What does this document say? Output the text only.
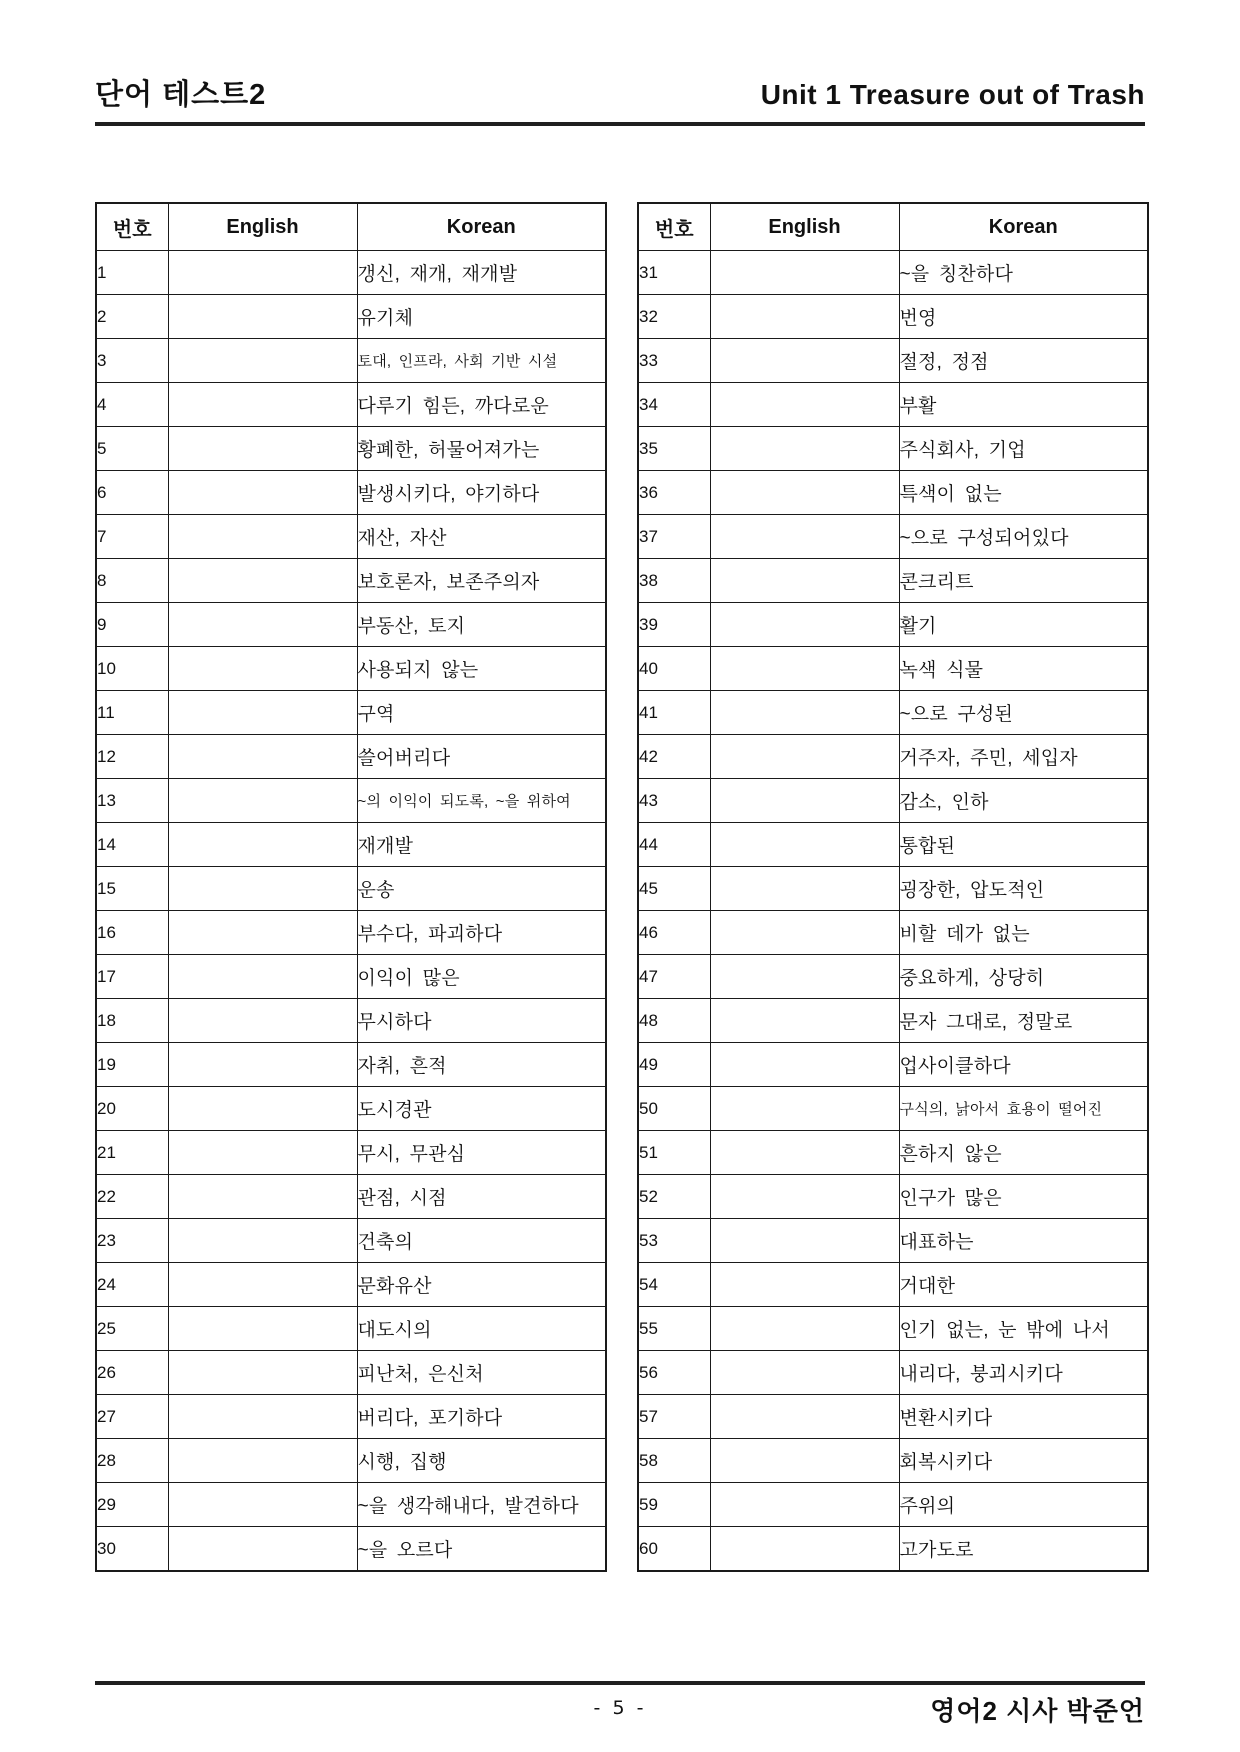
단어 테스트2	Unit 1 Treasure out of Trash
번호	English	Korean
1		갱신, 재개, 재개발
2		유기체
3		토대, 인프라, 사회 기반 시설
4		다루기 힘든, 까다로운
5		황폐한, 허물어져가는
6		발생시키다, 야기하다
7		재산, 자산
8		보호론자, 보존주의자
9		부동산, 토지
10		사용되지 않는
11		구역
12		쓸어버리다
13		~의 이익이 되도록, ~을 위하여
14		재개발
15		운송
16		부수다, 파괴하다
17		이익이 많은
18		무시하다
19		자취, 흔적
20		도시경관
21		무시, 무관심
22		관점, 시점
23		건축의
24		문화유산
25		대도시의
26		피난처, 은신처
27		버리다, 포기하다
28		시행, 집행
29		~을 생각해내다, 발견하다
30		~을 오르다
번호	English	Korean
31		~을 칭찬하다
32		번영
33		절정, 정점
34		부활
35		주식회사, 기업
36		특색이 없는
37		~으로 구성되어있다
38		콘크리트
39		활기
40		녹색 식물
41		~으로 구성된
42		거주자, 주민, 세입자
43		감소, 인하
44		통합된
45		굉장한, 압도적인
46		비할 데가 없는
47		중요하게, 상당히
48		문자 그대로, 정말로
49		업사이클하다
50		구식의, 낡아서 효용이 떨어진
51		흔하지 않은
52		인구가 많은
53		대표하는
54		거대한
55		인기 없는, 눈 밖에 나서
56		내리다, 붕괴시키다
57		변환시키다
58		회복시키다
59		주위의
60		고가도로
- 5 -	영어2 시사 박준언
